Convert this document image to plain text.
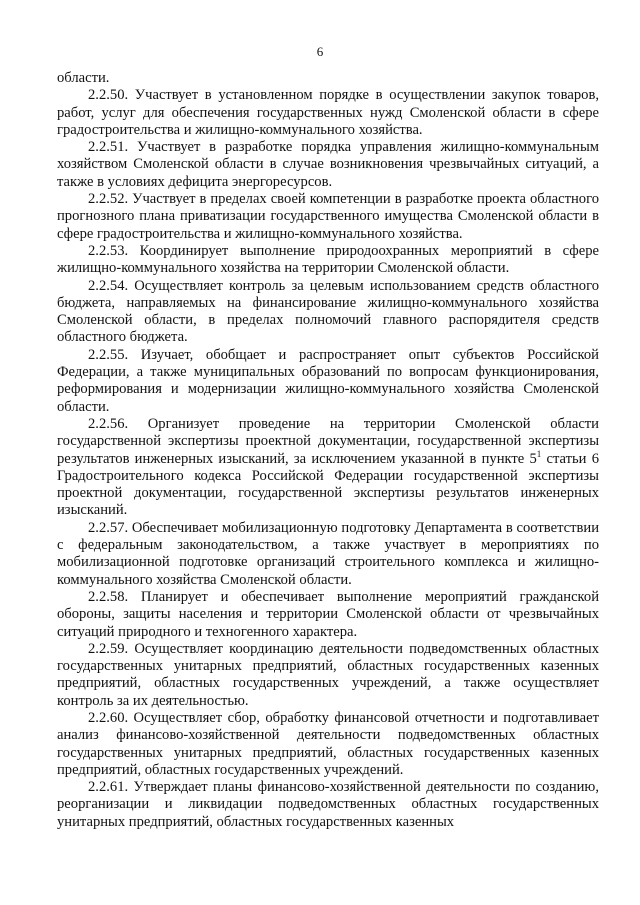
6

области.

2.2.50. Участвует в установленном порядке в осуществлении закупок товаров, работ, услуг для обеспечения государственных нужд Смоленской области в сфере градостроительства и жилищно-коммунального хозяйства.

2.2.51. Участвует в разработке порядка управления жилищно-коммунальным хозяйством Смоленской области в случае возникновения чрезвычайных ситуаций, а также в условиях дефицита энергоресурсов.

2.2.52. Участвует в пределах своей компетенции в разработке проекта областного прогнозного плана приватизации государственного имущества Смоленской области в сфере градостроительства и жилищно-коммунального хозяйства.

2.2.53. Координирует выполнение природоохранных мероприятий в сфере жилищно-коммунального хозяйства на территории Смоленской области.

2.2.54. Осуществляет контроль за целевым использованием средств областного бюджета, направляемых на финансирование жилищно-коммунального хозяйства Смоленской области, в пределах полномочий главного распорядителя средств областного бюджета.

2.2.55. Изучает, обобщает и распространяет опыт субъектов Российской Федерации, а также муниципальных образований по вопросам функционирования, реформирования и модернизации жилищно-коммунального хозяйства Смоленской области.

2.2.56. Организует проведение на территории Смоленской области государственной экспертизы проектной документации, государственной экспертизы результатов инженерных изысканий, за исключением указанной в пункте $5^1$ статьи 6 Градостроительного кодекса Российской Федерации государственной экспертизы проектной документации, государственной экспертизы результатов инженерных изысканий.

2.2.57. Обеспечивает мобилизационную подготовку Департамента в соответствии с федеральным законодательством, а также участвует в мероприятиях по мобилизационной подготовке организаций строительного комплекса и жилищно-коммунального хозяйства Смоленской области.

2.2.58. Планирует и обеспечивает выполнение мероприятий гражданской обороны, защиты населения и территории Смоленской области от чрезвычайных ситуаций природного и техногенного характера.

2.2.59. Осуществляет координацию деятельности подведомственных областных государственных унитарных предприятий, областных государственных казенных предприятий, областных государственных учреждений, а также осуществляет контроль за их деятельностью.

2.2.60. Осуществляет сбор, обработку финансовой отчетности и подготавливает анализ финансово-хозяйственной деятельности подведомственных областных государственных унитарных предприятий, областных государственных казенных предприятий, областных государственных учреждений.

2.2.61. Утверждает планы финансово-хозяйственной деятельности по созданию, реорганизации и ликвидации подведомственных областных государственных унитарных предприятий, областных государственных казенных
